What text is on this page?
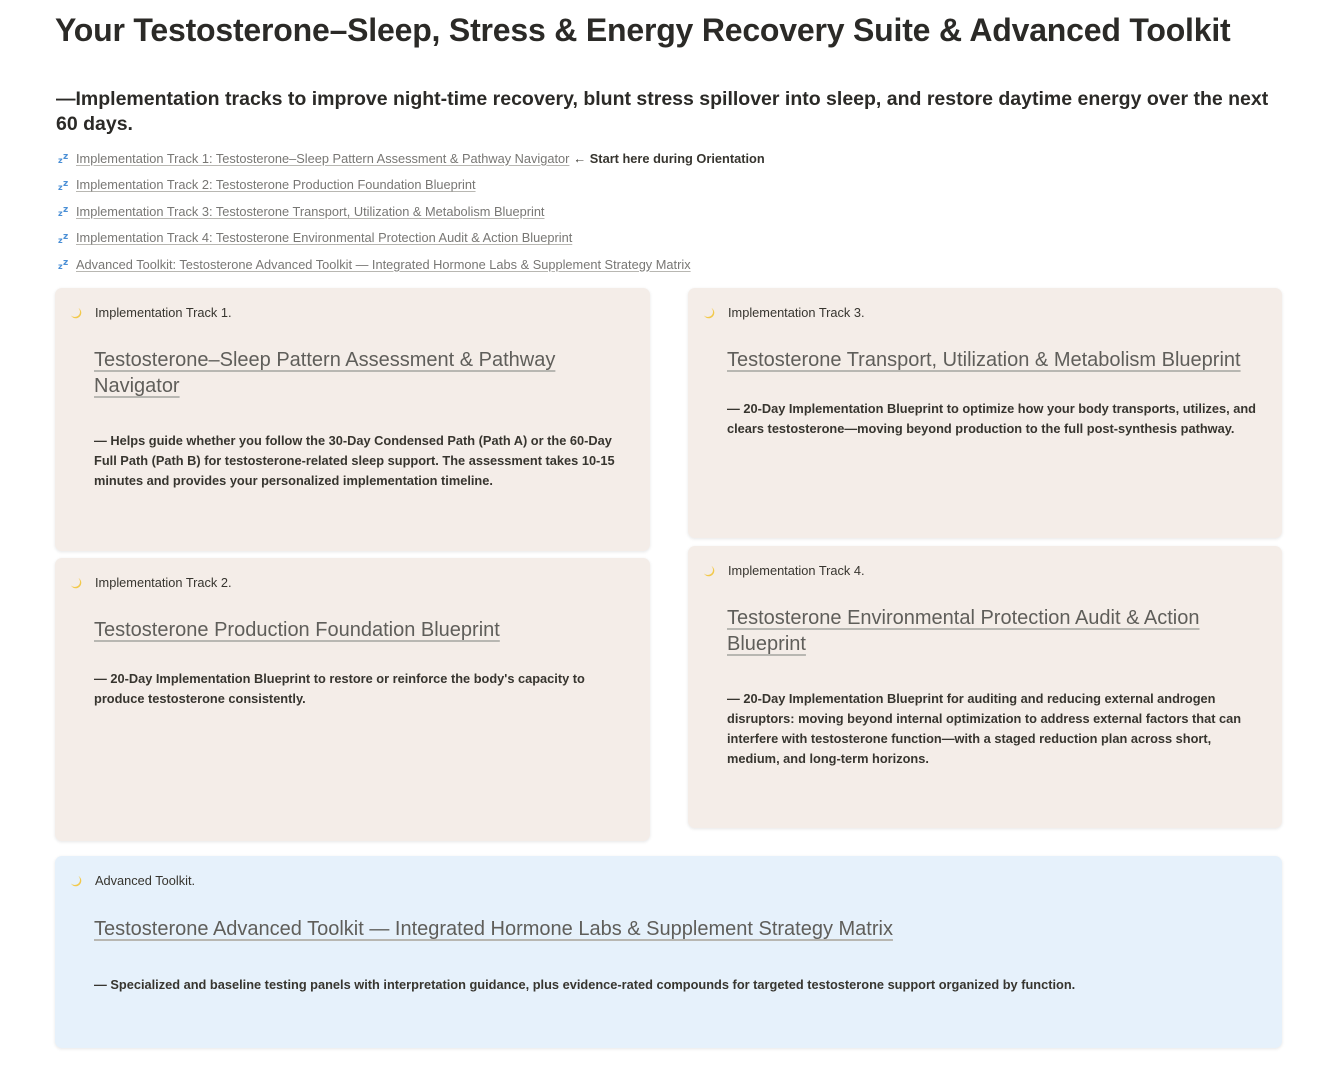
Your Testosterone–Sleep, Stress & Energy Recovery Suite & Advanced Toolkit

—Implementation tracks to improve night-time recovery, blunt stress spillover into sleep, and restore daytime energy over the next 60 days.

z z Implementation Track 1: Testosterone–Sleep Pattern Assessment & Pathway Navigator ← Start here during Orientation
z z Implementation Track 2: Testosterone Production Foundation Blueprint
z z Implementation Track 3: Testosterone Transport, Utilization & Metabolism Blueprint
z z Implementation Track 4: Testosterone Environmental Protection Audit & Action Blueprint
z z Advanced Toolkit: Testosterone Advanced Toolkit — Integrated Hormone Labs & Supplement Strategy Matrix
Implementation Track 1.
Testosterone–Sleep Pattern Assessment & Pathway Navigator

— Helps guide whether you follow the 30-Day Condensed Path (Path A) or the 60-Day Full Path (Path B) for testosterone-related sleep support. The assessment takes 10-15 minutes and provides your personalized implementation timeline.

Implementation Track 2.
Testosterone Production Foundation Blueprint

— 20-Day Implementation Blueprint to restore or reinforce the body's capacity to produce testosterone consistently.

Implementation Track 3.
Testosterone Transport, Utilization & Metabolism Blueprint

— 20-Day Implementation Blueprint to optimize how your body transports, utilizes, and clears testosterone—moving beyond production to the full post-synthesis pathway.

Implementation Track 4.
Testosterone Environmental Protection Audit & Action Blueprint

— 20-Day Implementation Blueprint for auditing and reducing external androgen disruptors: moving beyond internal optimization to address external factors that can interfere with testosterone function—with a staged reduction plan across short, medium, and long-term horizons.

Advanced Toolkit.
Testosterone Advanced Toolkit — Integrated Hormone Labs & Supplement Strategy Matrix

— Specialized and baseline testing panels with interpretation guidance, plus evidence-rated compounds for targeted testosterone support organized by function.
